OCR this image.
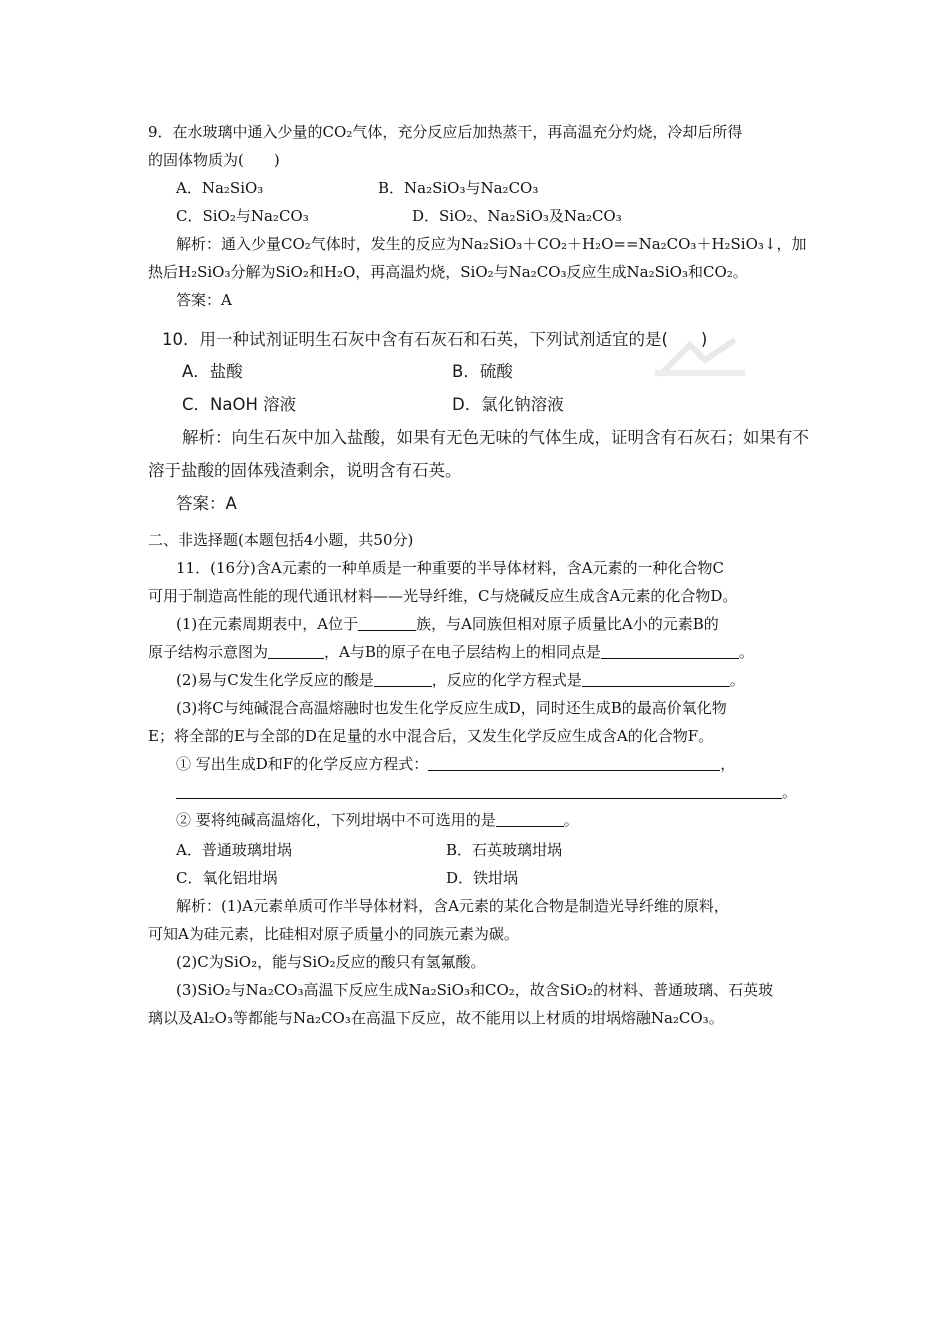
9．在水玻璃中通入少量的CO₂气体，充分反应后加热蒸干，再高温充分灼烧，冷却后所得
的固体物质为(　　)
A．Na₂SiO₃	B．Na₂SiO₃与Na₂CO₃
C．SiO₂与Na₂CO₃	D．SiO₂、Na₂SiO₃及Na₂CO₃
解析：通入少量CO₂气体时，发生的反应为Na₂SiO₃＋CO₂＋H₂O==Na₂CO₃＋H₂SiO₃↓，加
热后H₂SiO₃分解为SiO₂和H₂O，再高温灼烧，SiO₂与Na₂CO₃反应生成Na₂SiO₃和CO₂。
答案：A
10．用一种试剂证明生石灰中含有石灰石和石英，下列试剂适宜的是(　　)
A．盐酸	B．硫酸
C．NaOH 溶液	D．氯化钠溶液
解析：向生石灰中加入盐酸，如果有无色无味的气体生成，证明含有石灰石；如果有不
溶于盐酸的固体残渣剩余，说明含有石英。
答案：A
二、非选择题(本题包括4小题，共50分)
11．(16分)含A元素的一种单质是一种重要的半导体材料，含A元素的一种化合物C
可用于制造高性能的现代通讯材料——光导纤维，C与烧碱反应生成含A元素的化合物D。
(1)在元素周期表中，A位于	族，与A同族但相对原子质量比A小的元素B的
原子结构示意图为	，A与B的原子在电子层结构上的相同点是	。
(2)易与C发生化学反应的酸是	，反应的化学方程式是	。
(3)将C与纯碱混合高温熔融时也发生化学反应生成D，同时还生成B的最高价氧化物
E；将全部的E与全部的D在足量的水中混合后，又发生化学反应生成含A的化合物F。
① 写出生成D和F的化学反应方程式：	，
。
② 要将纯碱高温熔化，下列坩埚中不可选用的是	。
A．普通玻璃坩埚	B．石英玻璃坩埚
C．氧化铝坩埚	D．铁坩埚
解析：(1)A元素单质可作半导体材料，含A元素的某化合物是制造光导纤维的原料，
可知A为硅元素，比硅相对原子质量小的同族元素为碳。
(2)C为SiO₂，能与SiO₂反应的酸只有氢氟酸。
(3)SiO₂与Na₂CO₃高温下反应生成Na₂SiO₃和CO₂，故含SiO₂的材料、普通玻璃、石英玻
璃以及Al₂O₃等都能与Na₂CO₃在高温下反应，故不能用以上材质的坩埚熔融Na₂CO₃。
